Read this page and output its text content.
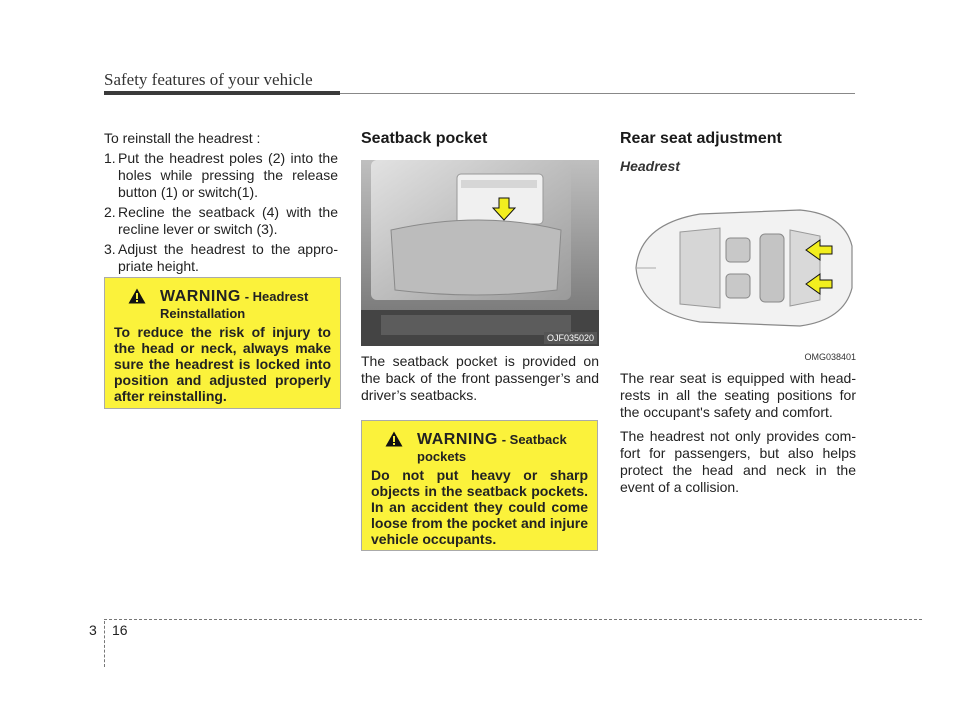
Safety features of your vehicle

To reinstall the headrest :

1. Put the headrest poles (2) into the holes while pressing the release button (1) or switch(1).
2. Recline the seatback (4) with the recline lever or switch (3).
3. Adjust the headrest to the appro- priate height.
WARNING - Headrest Reinstallation

To reduce the risk of injury to the head or neck, always make sure the headrest is locked into position and adjusted properly after reinstalling.

Seatback pocket
OJF035020

The seatback pocket is provided on the back of the front passenger’s and driver’s seatbacks.

WARNING - Seatback pockets

Do not put heavy or sharp objects in the seatback pockets. In an accident they could come loose from the pocket and injure vehicle occupants.

Rear seat adjustment
Headrest
OMG038401

The rear seat is equipped with head- rests in all the seating positions for the occupant's safety and comfort.

The headrest not only provides com- fort for passengers, but also helps protect the head and neck in the event of a collision.

3 16
